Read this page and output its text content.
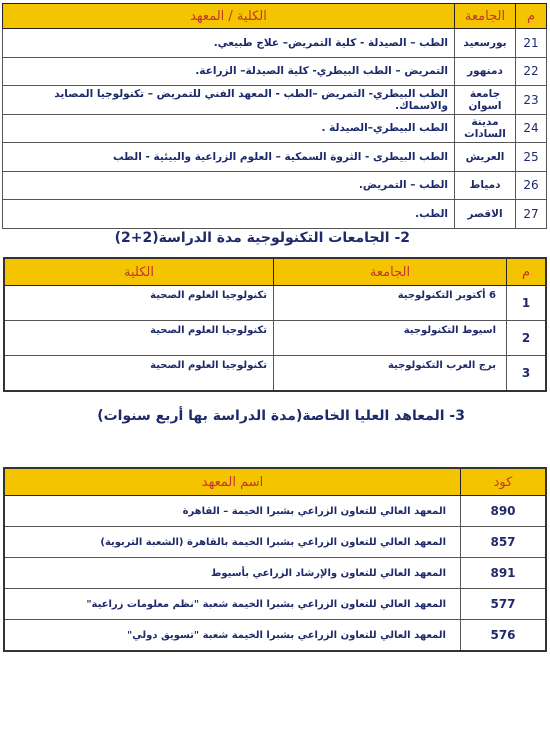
م	الجامعة	الكلية / المعهد
21	بورسعيد	الطب – الصيدلة - كلية التمريض– علاج طبيعي.
22	دمنهور	التمريض – الطب البيطري- كلية الصيدلة– الزراعة.
23	جامعة اسوان	الطب البيطري- التمريض –الطب - المعهد الفني للتمريض – تكنولوجيا المصايد والاسماك.
24	مدينة السادات	الطب البيطري–الصيدلة .
25	العريش	الطب البيطرى - الثروة السمكية – العلوم الزراعية والبيئية - الطب
26	دمياط	الطب – التمريض.
27	الاقصر	الطب.
2- الجامعات التكنولوجية مدة الدراسة(2+2)
م	الجامعة	الكلية
1	6 أكتوبر التكنولوجية	تكنولوجيا العلوم الصحية
2	اسيوط التكنولوجية	تكنولوجيا العلوم الصحية
3	برج العرب التكنولوجية	تكنولوجيا العلوم الصحية
3- المعاهد العليا الخاصة(مدة الدراسة بها أربع سنوات)
كود	اسم المعهد
890	المعهد العالي للتعاون الزراعي بشبرا الخيمة – القاهرة
857	المعهد العالي للتعاون الزراعي بشبرا الخيمة بالقاهرة (الشعبة التربوية)
891	المعهد العالي للتعاون والإرشاد الزراعي بأسيوط
577	المعهد العالي للتعاون الزراعي بشبرا الخيمة شعبة "نظم معلومات زراعية"
576	المعهد العالي للتعاون الزراعي بشبرا الخيمة شعبة "تسويق دولي"
